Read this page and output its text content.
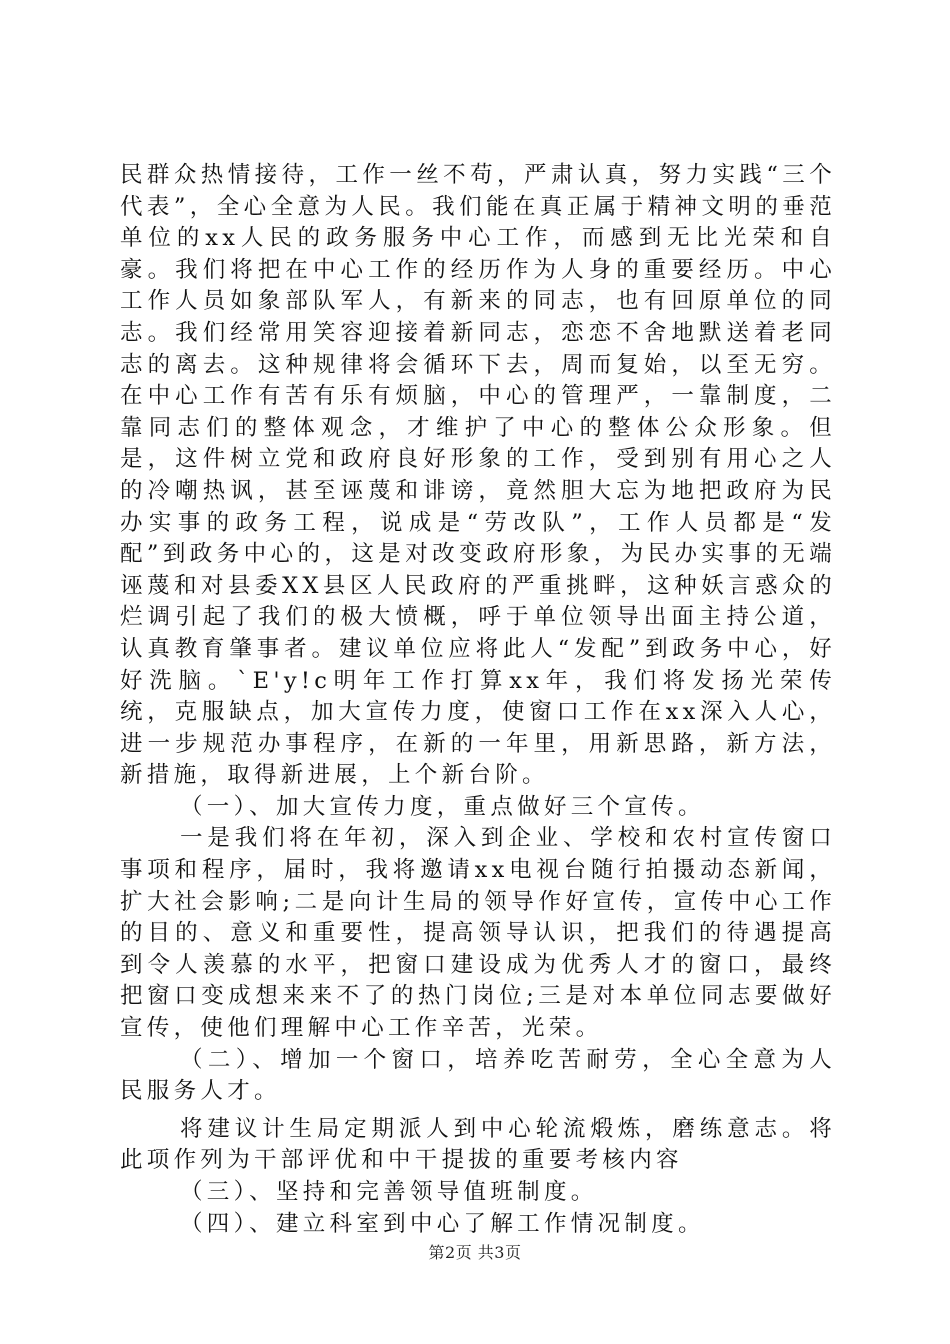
民群众热情接待，工作一丝不苟，严肃认真，努力实践“三个代表”，全心全意为人民。我们能在真正属于精神文明的垂范单位的xx人民的政务服务中心工作，而感到无比光荣和自豪。我们将把在中心工作的经历作为人身的重要经历。中心工作人员如象部队军人，有新来的同志，也有回原单位的同志。我们经常用笑容迎接着新同志，恋恋不舍地默送着老同志的离去。这种规律将会循环下去，周而复始，以至无穷。在中心工作有苦有乐有烦脑，中心的管理严，一靠制度，二靠同志们的整体观念，才维护了中心的整体公众形象。但是，这件树立党和政府良好形象的工作，受到别有用心之人的冷嘲热讽，甚至诬蔑和诽谤，竟然胆大忘为地把政府为民办实事的政务工程，说成是“劳改队”，工作人员都是“发配”到政务中心的，这是对改变政府形象，为民办实事的无端诬蔑和对县委XX县区人民政府的严重挑畔，这种妖言惑众的烂调引起了我们的极大愤概，呼于单位领导出面主持公道，认真教育肇事者。建议单位应将此人“发配”到政务中心，好好洗脑。`E'y!c明年工作打算xx年，我们将发扬光荣传统，克服缺点，加大宣传力度，使窗口工作在xx深入人心，进一步规范办事程序，在新的一年里，用新思路，新方法，新措施，取得新进展，上个新台阶。

（一）、加大宣传力度，重点做好三个宣传。

一是我们将在年初，深入到企业、学校和农村宣传窗口事项和程序，届时，我将邀请xx电视台随行拍摄动态新闻，扩大社会影响;二是向计生局的领导作好宣传，宣传中心工作的目的、意义和重要性，提高领导认识，把我们的待遇提高到令人羡慕的水平，把窗口建设成为优秀人才的窗口，最终把窗口变成想来来不了的热门岗位;三是对本单位同志要做好宣传，使他们理解中心工作辛苦，光荣。

（二）、增加一个窗口，培养吃苦耐劳，全心全意为人民服务人才。

将建议计生局定期派人到中心轮流煅炼，磨练意志。将此项作列为干部评优和中干提拔的重要考核内容

（三）、坚持和完善领导值班制度。

（四）、建立科室到中心了解工作情况制度。

第2页 共3页
